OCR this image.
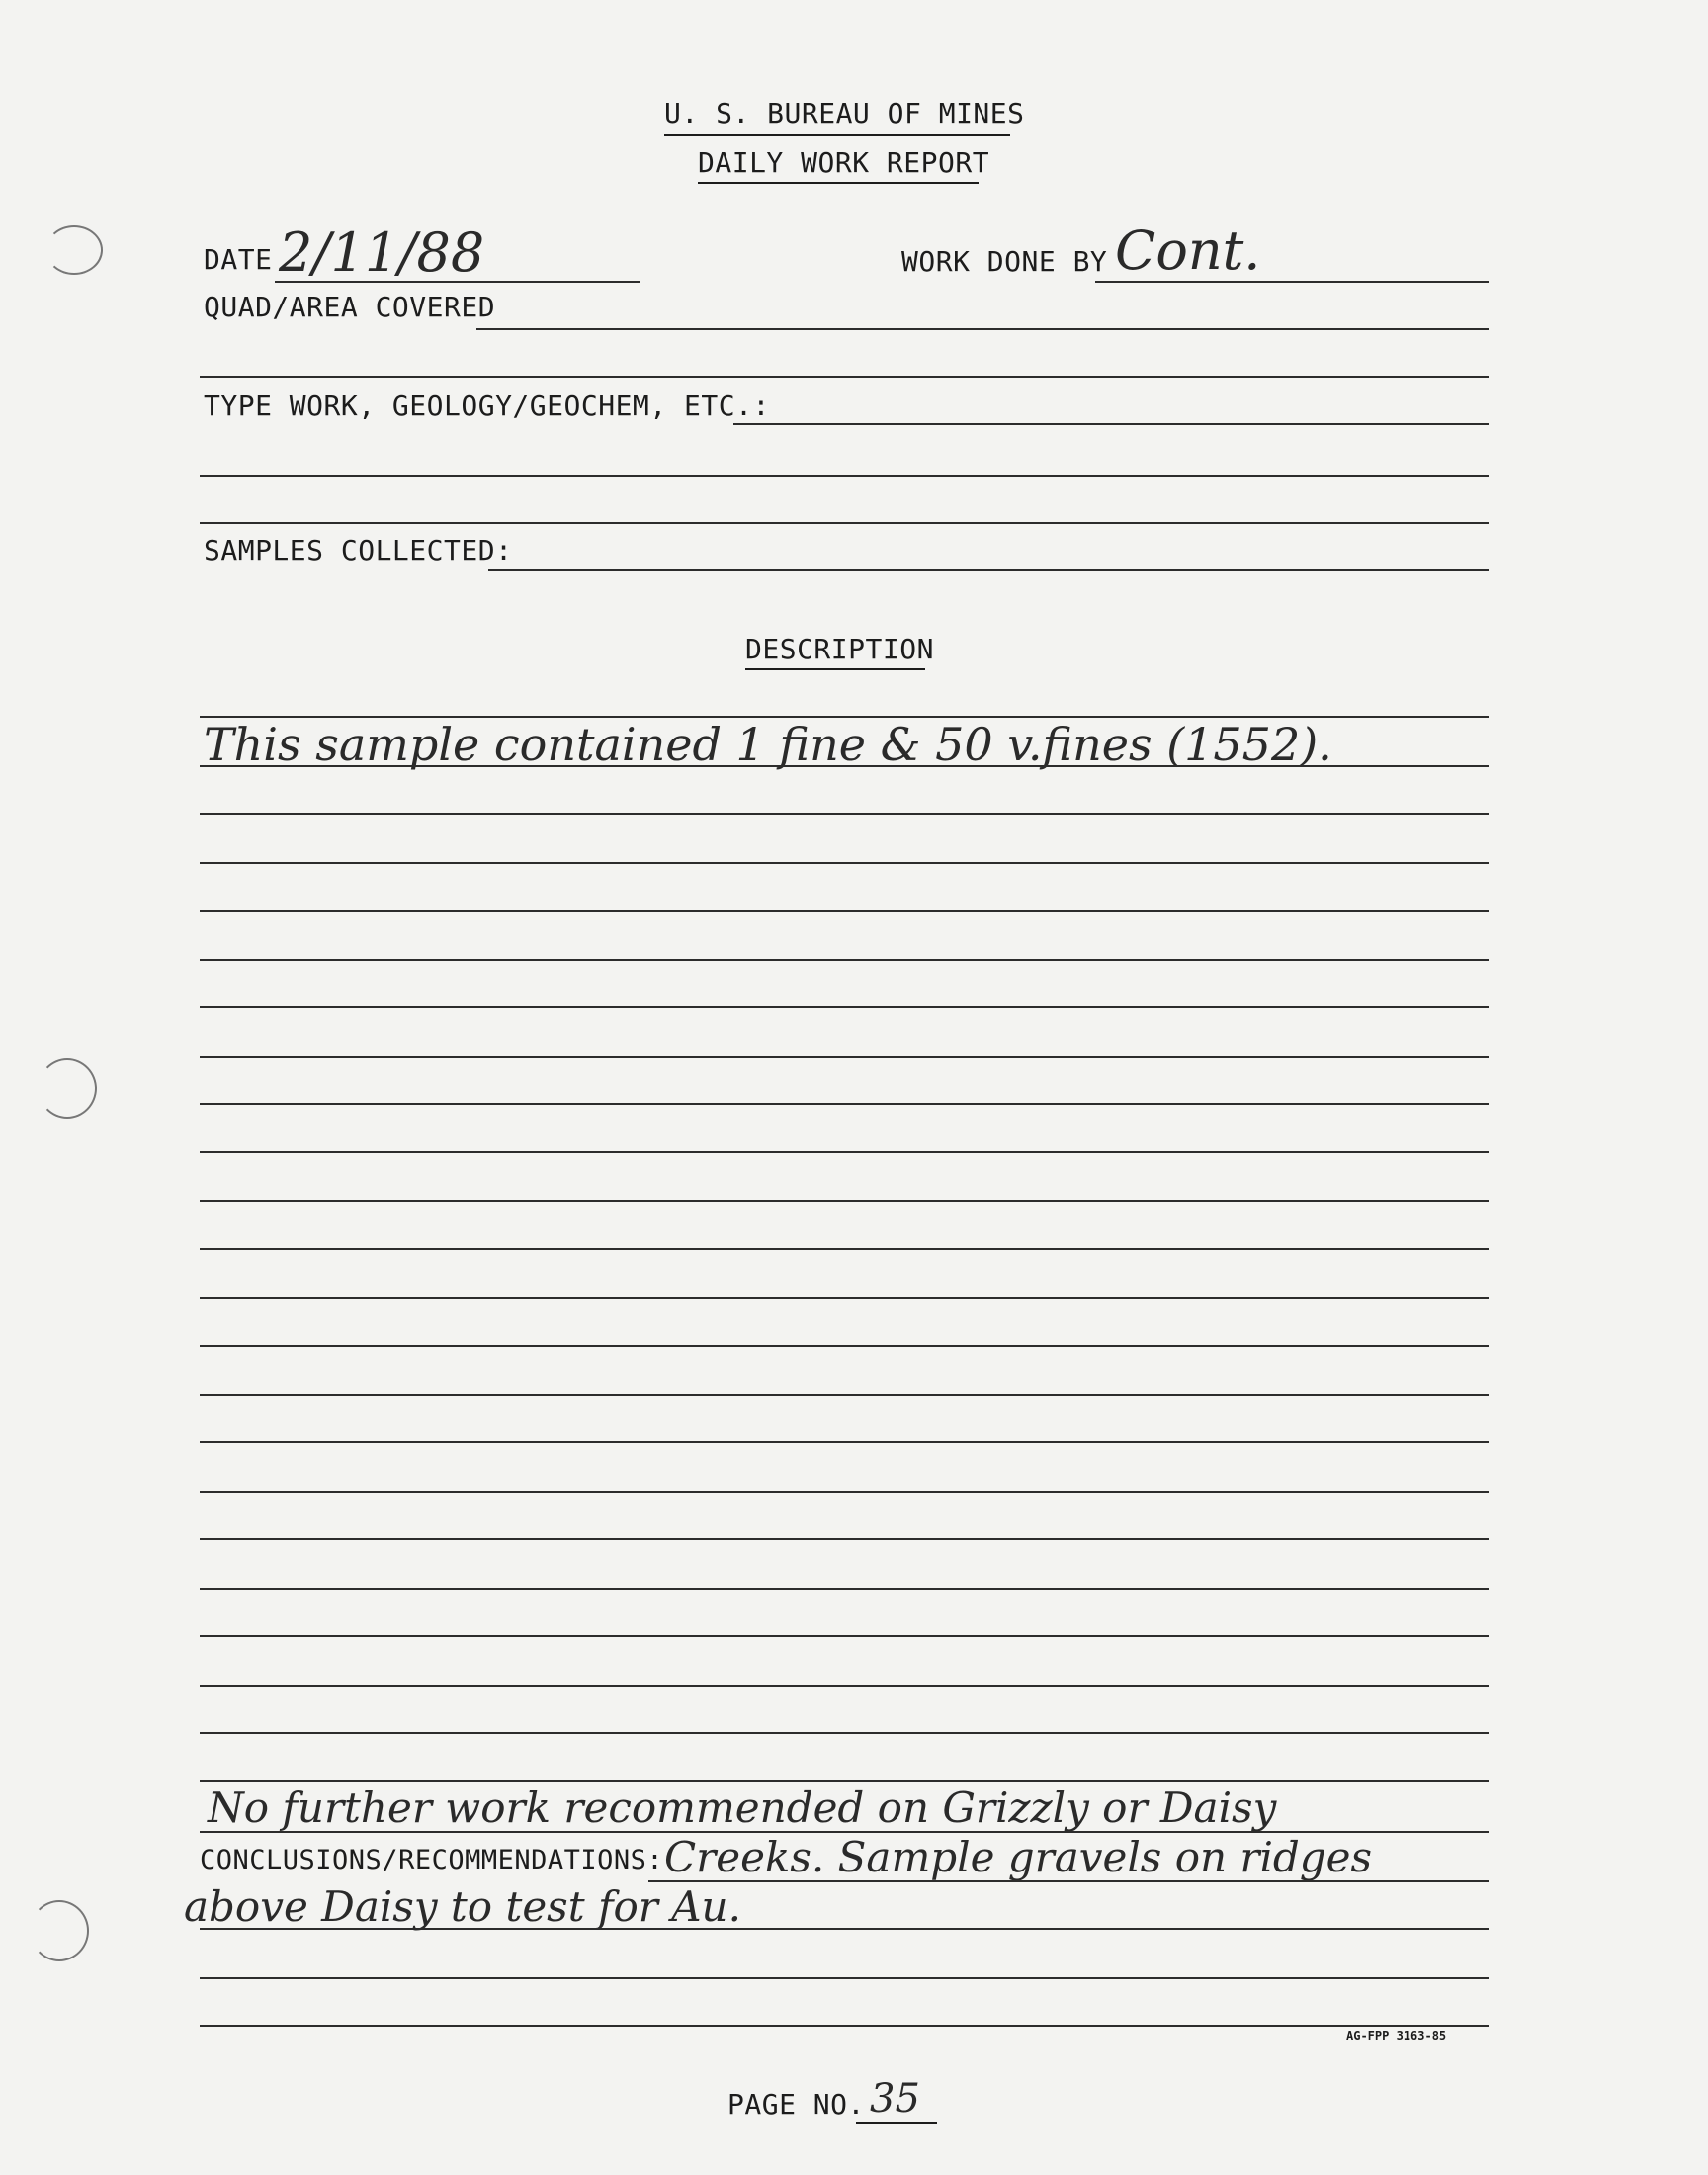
U. S. BUREAU OF MINES
DAILY WORK REPORT
DATE 2/11/88	WORK DONE BY Cont.
QUAD/AREA COVERED
TYPE WORK, GEOLOGY/GEOCHEM, ETC.:
SAMPLES COLLECTED:
DESCRIPTION
This sample contained 1 fine & 50 v.fines (1552).
No further work recommended on Grizzly or Daisy
CONCLUSIONS/RECOMMENDATIONS: Creeks. Sample gravels on ridges
above Daisy to test for Au.
AG-FPP 3163-85
PAGE NO. 35
